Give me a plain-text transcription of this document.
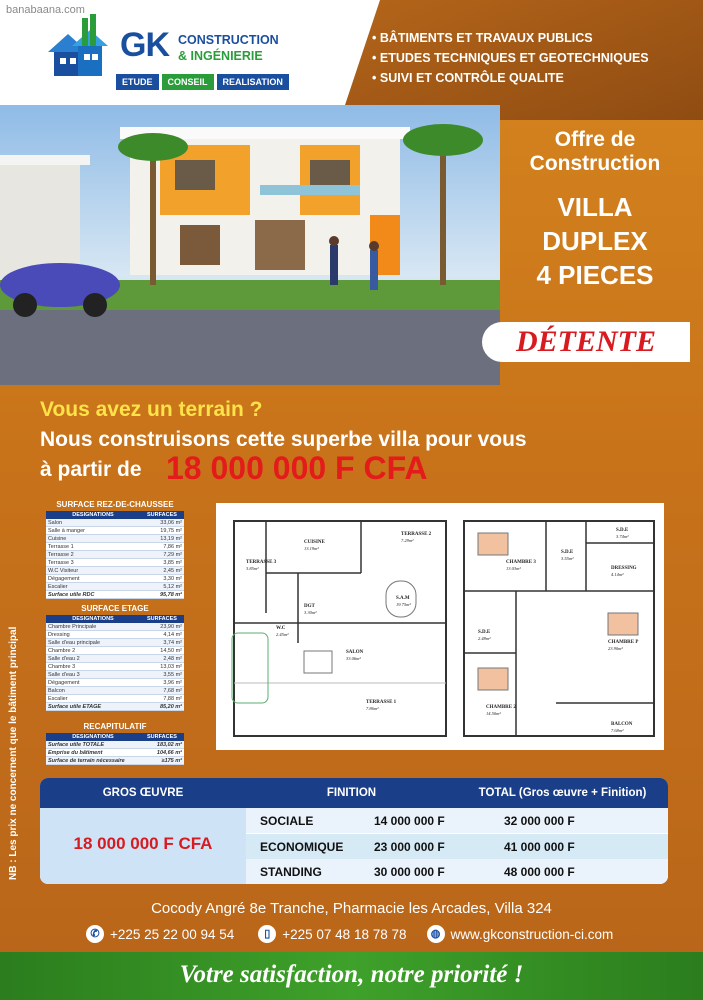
banabaana.com
GK CONSTRUCTION
& INGÉNIERIE
ETUDE	CONSEIL	REALISATION
• BÂTIMENTS ET TRAVAUX PUBLICS
• ETUDES TECHNIQUES ET GEOTECHNIQUES
• SUIVI ET CONTRÔLE QUALITE
Offre de
Construction
VILLA
DUPLEX
4 PIECES
DÉTENTE
Vous avez un terrain ?
Nous construisons cette superbe villa pour vous
à partir de 18 000 000 F CFA
NB : Les prix ne concernent que le bâtiment principal
SURFACE REZ-DE-CHAUSSEE
DESIGNATIONS	SURFACES
Salon	33,06 m²
Salle à manger	19,75 m²
Cuisine	13,19 m²
Terrasse 1	7,86 m²
Terrasse 2	7,29 m²
Terrasse 3	3,85 m²
W.C Visiteur	2,45 m²
Dégagement	3,30 m²
Escalier	5,12 m²
Surface utile RDC	95,78 m²
SURFACE ETAGE
DESIGNATIONS	SURFACES
Chambre Principale	23,90 m²
Dressing	4,14 m²
Salle d'eau principale	3,74 m²
Chambre 2	14,50 m²
Salle d'eau 2	2,48 m²
Chambre 3	13,03 m²
Salle d'eau 3	3,55 m²
Dégagement	3,96 m²
Balcon	7,68 m²
Escalier	7,88 m²
Surface utile ETAGE	85,20 m²
RECAPITULATIF
DESIGNATIONS	SURFACES
Surface utile TOTALE	183,02 m²
Emprise du bâtiment	104,66 m²
Surface de terrain nécessaire	≥175 m²
TERRASSE 3
3.85m²
CUISINE
13.19m²
TERRASSE 2
7.29m²
S.A.M
19.75m²
W.C
2.45m²
DGT
3.30m²
SALON
33.06m²
TERRASSE 1
7.86m²
CHAMBRE 3
13.03m²
S.D.E
3.55m²
S.D.E
3.74m²
DRESSING
4.14m²
CHAMBRE P
23.90m²
S.D.E
2.48m²
CHAMBRE 2
14.50m²
BALCON
7.68m²
GROS ŒUVRE	FINITION	TOTAL (Gros œuvre + Finition)
18 000 000 F CFA
SOCIALE	14 000 000 F	32 000 000 F
ECONOMIQUE	23 000 000 F	41 000 000 F
STANDING	30 000 000 F	48 000 000 F
Cocody Angré 8e Tranche, Pharmacie les Arcades, Villa 324
✆ +225 25 22 00 94 54	▯ +225 07 48 18 78 78	◍ www.gkconstruction-ci.com
Votre satisfaction, notre priorité !
